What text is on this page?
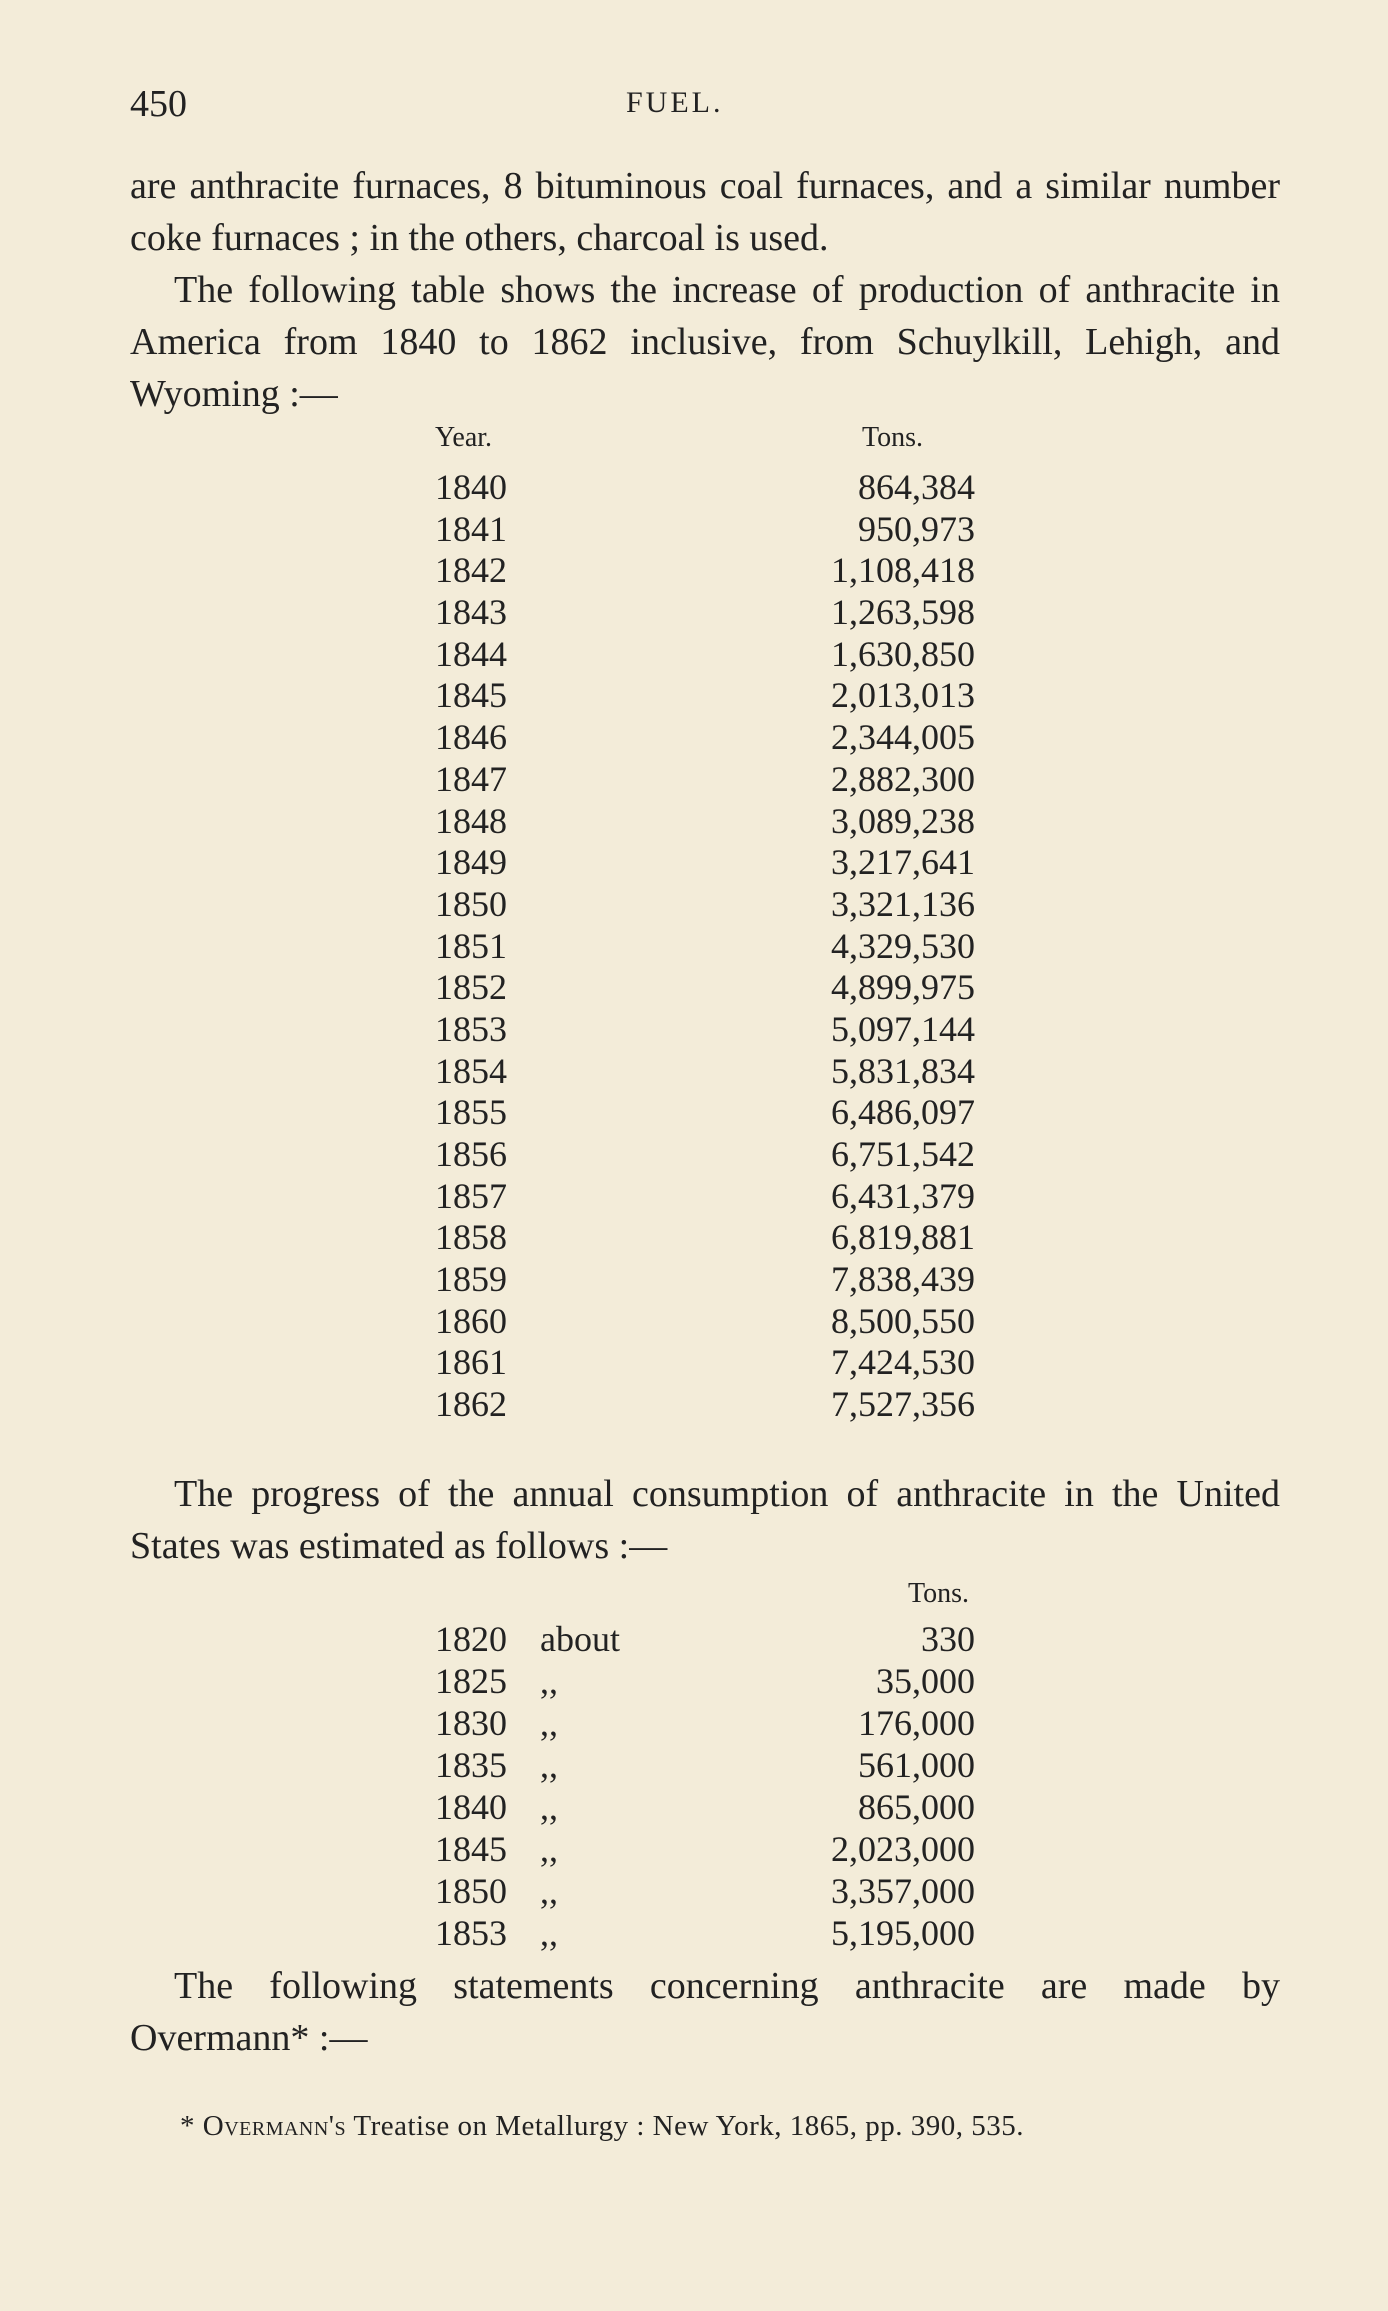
450	FUEL.

are anthracite furnaces, 8 bituminous coal furnaces, and a similar number coke furnaces ; in the others, charcoal is used.

The following table shows the increase of production of anthracite in America from 1840 to 1862 inclusive, from Schuylkill, Lehigh, and Wyoming :—

Year.	Tons.
1840	864,384
1841	950,973
1842	1,108,418
1843	1,263,598
1844	1,630,850
1845	2,013,013
1846	2,344,005
1847	2,882,300
1848	3,089,238
1849	3,217,641
1850	3,321,136
1851	4,329,530
1852	4,899,975
1853	5,097,144
1854	5,831,834
1855	6,486,097
1856	6,751,542
1857	6,431,379
1858	6,819,881
1859	7,838,439
1860	8,500,550
1861	7,424,530
1862	7,527,356

The progress of the annual consumption of anthracite in the United States was estimated as follows :—

Tons.
1820 about	330
1825 ,,	35,000
1830 ,,	176,000
1835 ,,	561,000
1840 ,,	865,000
1845 ,,	2,023,000
1850 ,,	3,357,000
1853 ,,	5,195,000

The following statements concerning anthracite are made by Overmann* :—

* Overmann's Treatise on Metallurgy : New York, 1865, pp. 390, 535.
